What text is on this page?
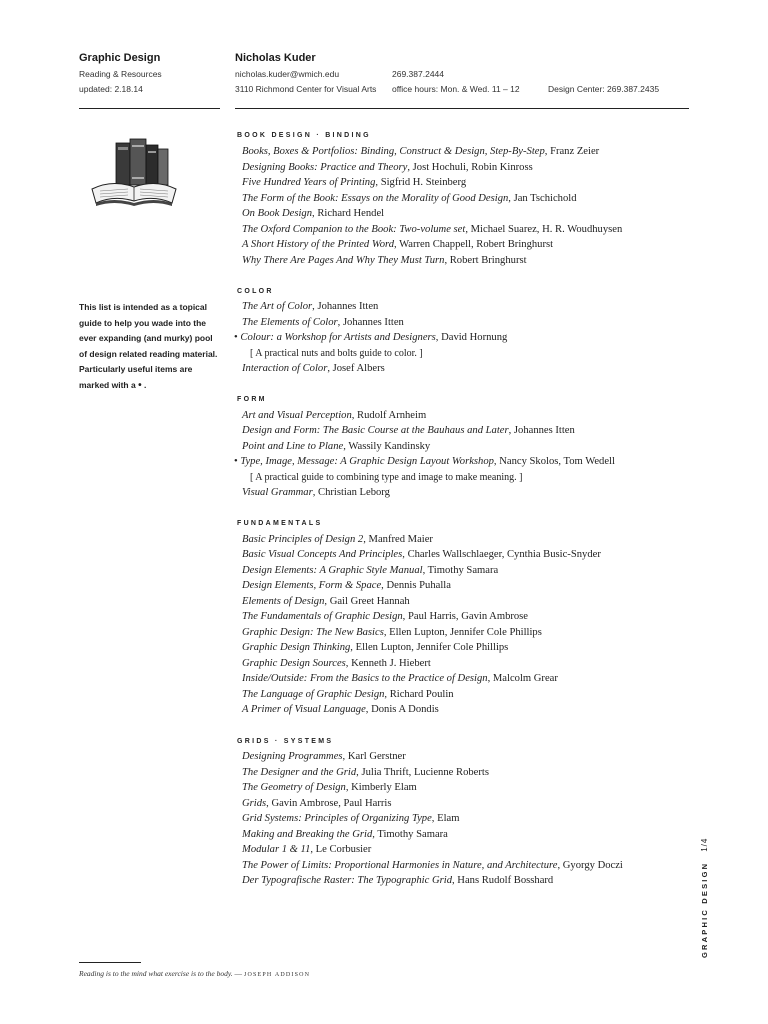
Graphic Design
Reading & Resources
updated: 2.18.14
Nicholas Kuder
nicholas.kuder@wmich.edu
3110 Richmond Center for Visual Arts
269.387.2444
office hours: Mon. & Wed. 11 – 12	Design Center: 269.387.2435
This list is intended as a topical guide to help you wade into the ever expanding (and murky) pool of design related reading material. Particularly useful items are marked with a • .
BOOK DESIGN · BINDING
Books, Boxes & Portfolios: Binding, Construct & Design, Step-By-Step, Franz Zeier
Designing Books: Practice and Theory, Jost Hochuli, Robin Kinross
Five Hundred Years of Printing, Sigfrid H. Steinberg
The Form of the Book: Essays on the Morality of Good Design, Jan Tschichold
On Book Design, Richard Hendel
The Oxford Companion to the Book: Two-volume set, Michael Suarez, H. R. Woudhuysen
A Short History of the Printed Word, Warren Chappell, Robert Bringhurst
Why There Are Pages And Why They Must Turn, Robert Bringhurst
COLOR
The Art of Color, Johannes Itten
The Elements of Color, Johannes Itten
• Colour: a Workshop for Artists and Designers, David Hornung
[ A practical nuts and bolts guide to color. ]
Interaction of Color, Josef Albers
FORM
Art and Visual Perception, Rudolf Arnheim
Design and Form: The Basic Course at the Bauhaus and Later, Johannes Itten
Point and Line to Plane, Wassily Kandinsky
• Type, Image, Message: A Graphic Design Layout Workshop, Nancy Skolos, Tom Wedell
[ A practical guide to combining type and image to make meaning. ]
Visual Grammar, Christian Leborg
FUNDAMENTALS
Basic Principles of Design 2, Manfred Maier
Basic Visual Concepts And Principles, Charles Wallschlaeger, Cynthia Busic-Snyder
Design Elements: A Graphic Style Manual, Timothy Samara
Design Elements, Form & Space, Dennis Puhalla
Elements of Design, Gail Greet Hannah
The Fundamentals of Graphic Design, Paul Harris, Gavin Ambrose
Graphic Design: The New Basics, Ellen Lupton, Jennifer Cole Phillips
Graphic Design Thinking, Ellen Lupton, Jennifer Cole Phillips
Graphic Design Sources, Kenneth J. Hiebert
Inside/Outside: From the Basics to the Practice of Design, Malcolm Grear
The Language of Graphic Design, Richard Poulin
A Primer of Visual Language, Donis A Dondis
GRIDS · SYSTEMS
Designing Programmes, Karl Gerstner
The Designer and the Grid, Julia Thrift, Lucienne Roberts
The Geometry of Design, Kimberly Elam
Grids, Gavin Ambrose, Paul Harris
Grid Systems: Principles of Organizing Type, Elam
Making and Breaking the Grid, Timothy Samara
Modular 1 & 11, Le Corbusier
The Power of Limits: Proportional Harmonies in Nature, and Architecture, Gyorgy Doczi
Der Typografische Raster: The Typographic Grid, Hans Rudolf Bosshard	GRAPHIC DESIGN1/4
Reading is to the mind what exercise is to the body. — JOSEPH ADDISON
